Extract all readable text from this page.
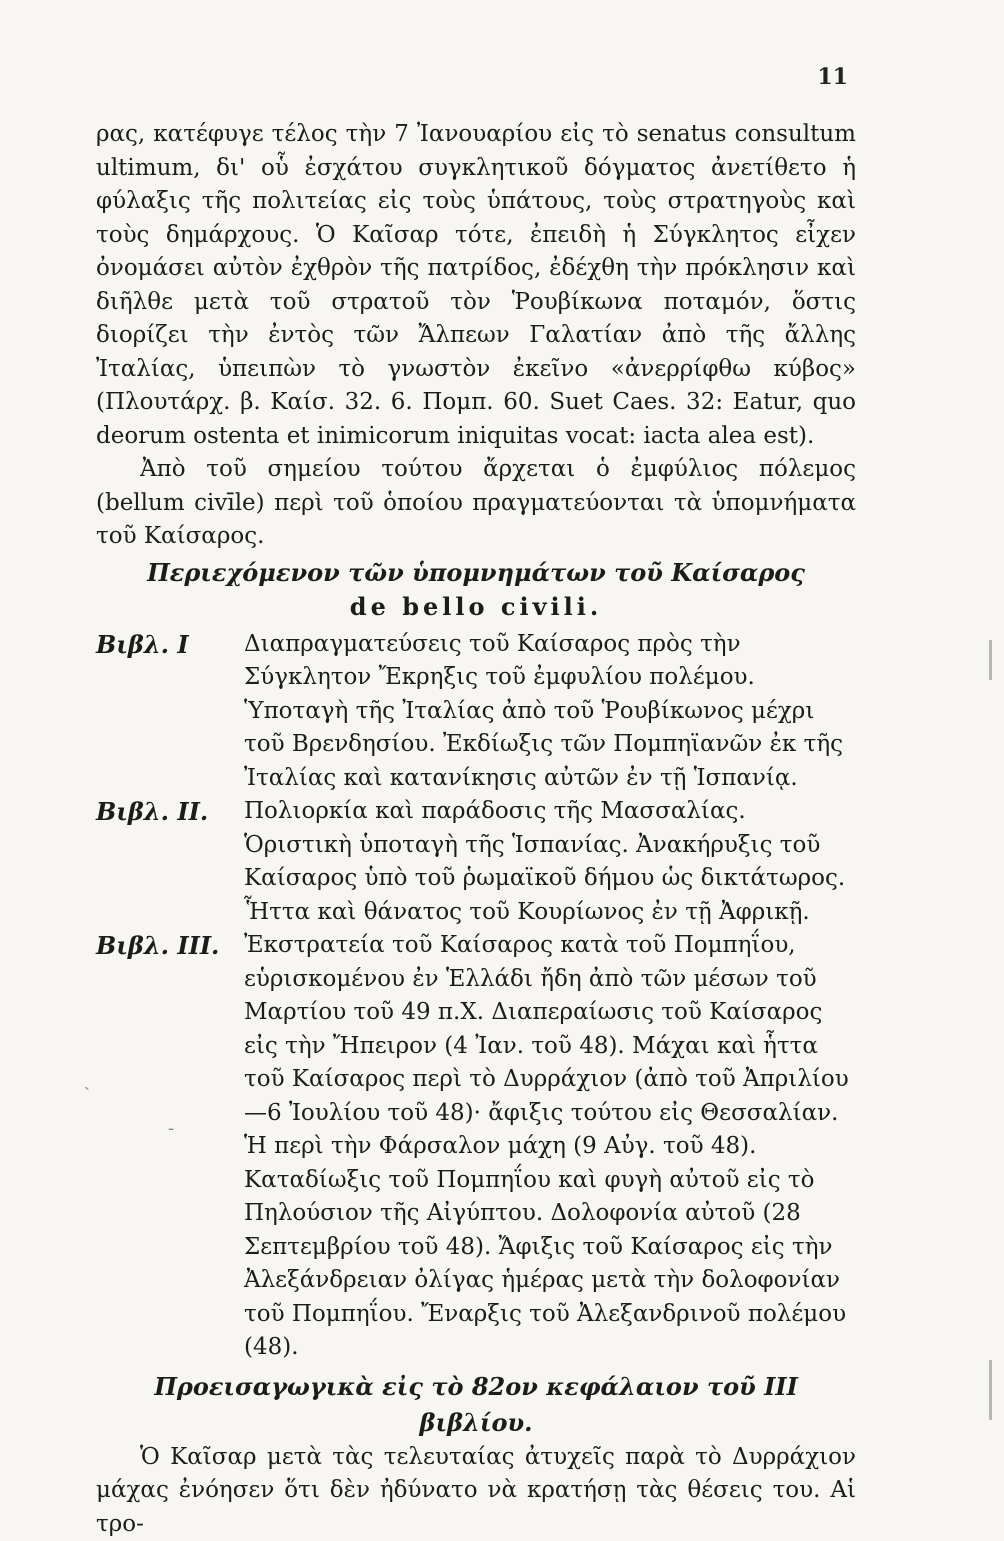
11

ρας, κατέφυγε τέλος τὴν 7 Ἰανουαρίου εἰς τὸ senatus consultum ultimum, δι' οὗ ἐσχάτου συγκλητικοῦ δόγματος ἀνετίθετο ἡ φύλαξις τῆς πολιτείας εἰς τοὺς ὑπάτους, τοὺς στρατηγοὺς καὶ τοὺς δημάρχους. Ὁ Καῖσαρ τότε, ἐπειδὴ ἡ Σύγκλητος εἶχεν ὀνομάσει αὐτὸν ἐχθρὸν τῆς πατρίδος, ἐδέχθη τὴν πρόκλησιν καὶ διῆλθε μετὰ τοῦ στρατοῦ τὸν Ῥουβίκωνα ποταμόν, ὅστις διορίζει τὴν ἐντὸς τῶν Ἄλπεων Γαλατίαν ἀπὸ τῆς ἄλλης Ἰταλίας, ὑπειπὼν τὸ γνωστὸν ἐκεῖνο «ἀνερρίφθω κύβος» (Πλουτάρχ. β. Καίσ. 32. 6. Πομπ. 60. Suet Caes. 32: Eatur, quo deorum ostenta et inimicorum iniquitas vocat: iacta alea est).

Ἀπὸ τοῦ σημείου τούτου ἄρχεται ὁ ἐμφύλιος πόλεμος (bellum civīle) περὶ τοῦ ὁποίου πραγματεύονται τὰ ὑπομνήματα τοῦ Καίσαρος.

Περιεχόμενον τῶν ὑπομνημάτων τοῦ Καίσαρος
de bello civili.
Βιβλ. Ι	Διαπραγματεύσεις τοῦ Καίσαρος πρὸς τὴν Σύγκλητον Ἔκρηξις τοῦ ἐμφυλίου πολέμου. Ὑποταγὴ τῆς Ἰταλίας ἀπὸ τοῦ Ῥουβίκωνος μέχρι τοῦ Βρενδησίου. Ἐκδίωξις τῶν Πομπηϊανῶν ἐκ τῆς Ἰταλίας καὶ κατανίκησις αὐτῶν ἐν τῇ Ἱσπανίᾳ.
Βιβλ. ΙΙ.	Πολιορκία καὶ παράδοσις τῆς Μασσαλίας. Ὁριστικὴ ὑποταγὴ τῆς Ἱσπανίας. Ἀνακήρυξις τοῦ Καίσαρος ὑπὸ τοῦ ῥωμαϊκοῦ δήμου ὡς δικτάτωρος. Ἧττα καὶ θάνατος τοῦ Κουρίωνος ἐν τῇ Ἀφρικῇ.
Βιβλ. ΙΙΙ.	Ἐκστρατεία τοῦ Καίσαρος κατὰ τοῦ Πομπηΐου, εὑρισκομένου ἐν Ἑλλάδι ἤδη ἀπὸ τῶν μέσων τοῦ Μαρτίου τοῦ 49 π.Χ. Διαπεραίωσις τοῦ Καίσαρος εἰς τὴν Ἤπειρον (4 Ἰαν. τοῦ 48). Μάχαι καὶ ἧττα τοῦ Καίσαρος περὶ τὸ Δυρράχιον (ἀπὸ τοῦ Ἀπριλίου—6 Ἰουλίου τοῦ 48)· ἄφιξις τούτου εἰς Θεσσαλίαν. Ἡ περὶ τὴν Φάρσαλον μάχη (9 Αὐγ. τοῦ 48). Καταδίωξις τοῦ Πομπηΐου καὶ φυγὴ αὐτοῦ εἰς τὸ Πηλούσιον τῆς Αἰγύπτου. Δολοφονία αὐτοῦ (28 Σεπτεμβρίου τοῦ 48). Ἄφιξις τοῦ Καίσαρος εἰς τὴν Ἀλεξάνδρειαν ὀλίγας ἡμέρας μετὰ τὴν δολοφονίαν τοῦ Πομπηΐου. Ἔναρξις τοῦ Ἀλεξανδρινοῦ πολέμου (48).
Προεισαγωγικὰ εἰς τὸ 82ον κεφάλαιον τοῦ ΙΙΙ βιβλίου.

Ὁ Καῖσαρ μετὰ τὰς τελευταίας ἀτυχεῖς παρὰ τὸ Δυρράχιον μάχας ἐνόησεν ὅτι δὲν ἠδύνατο νὰ κρατήσῃ τὰς θέσεις του. Αἱ τρο-

ˏ
-
